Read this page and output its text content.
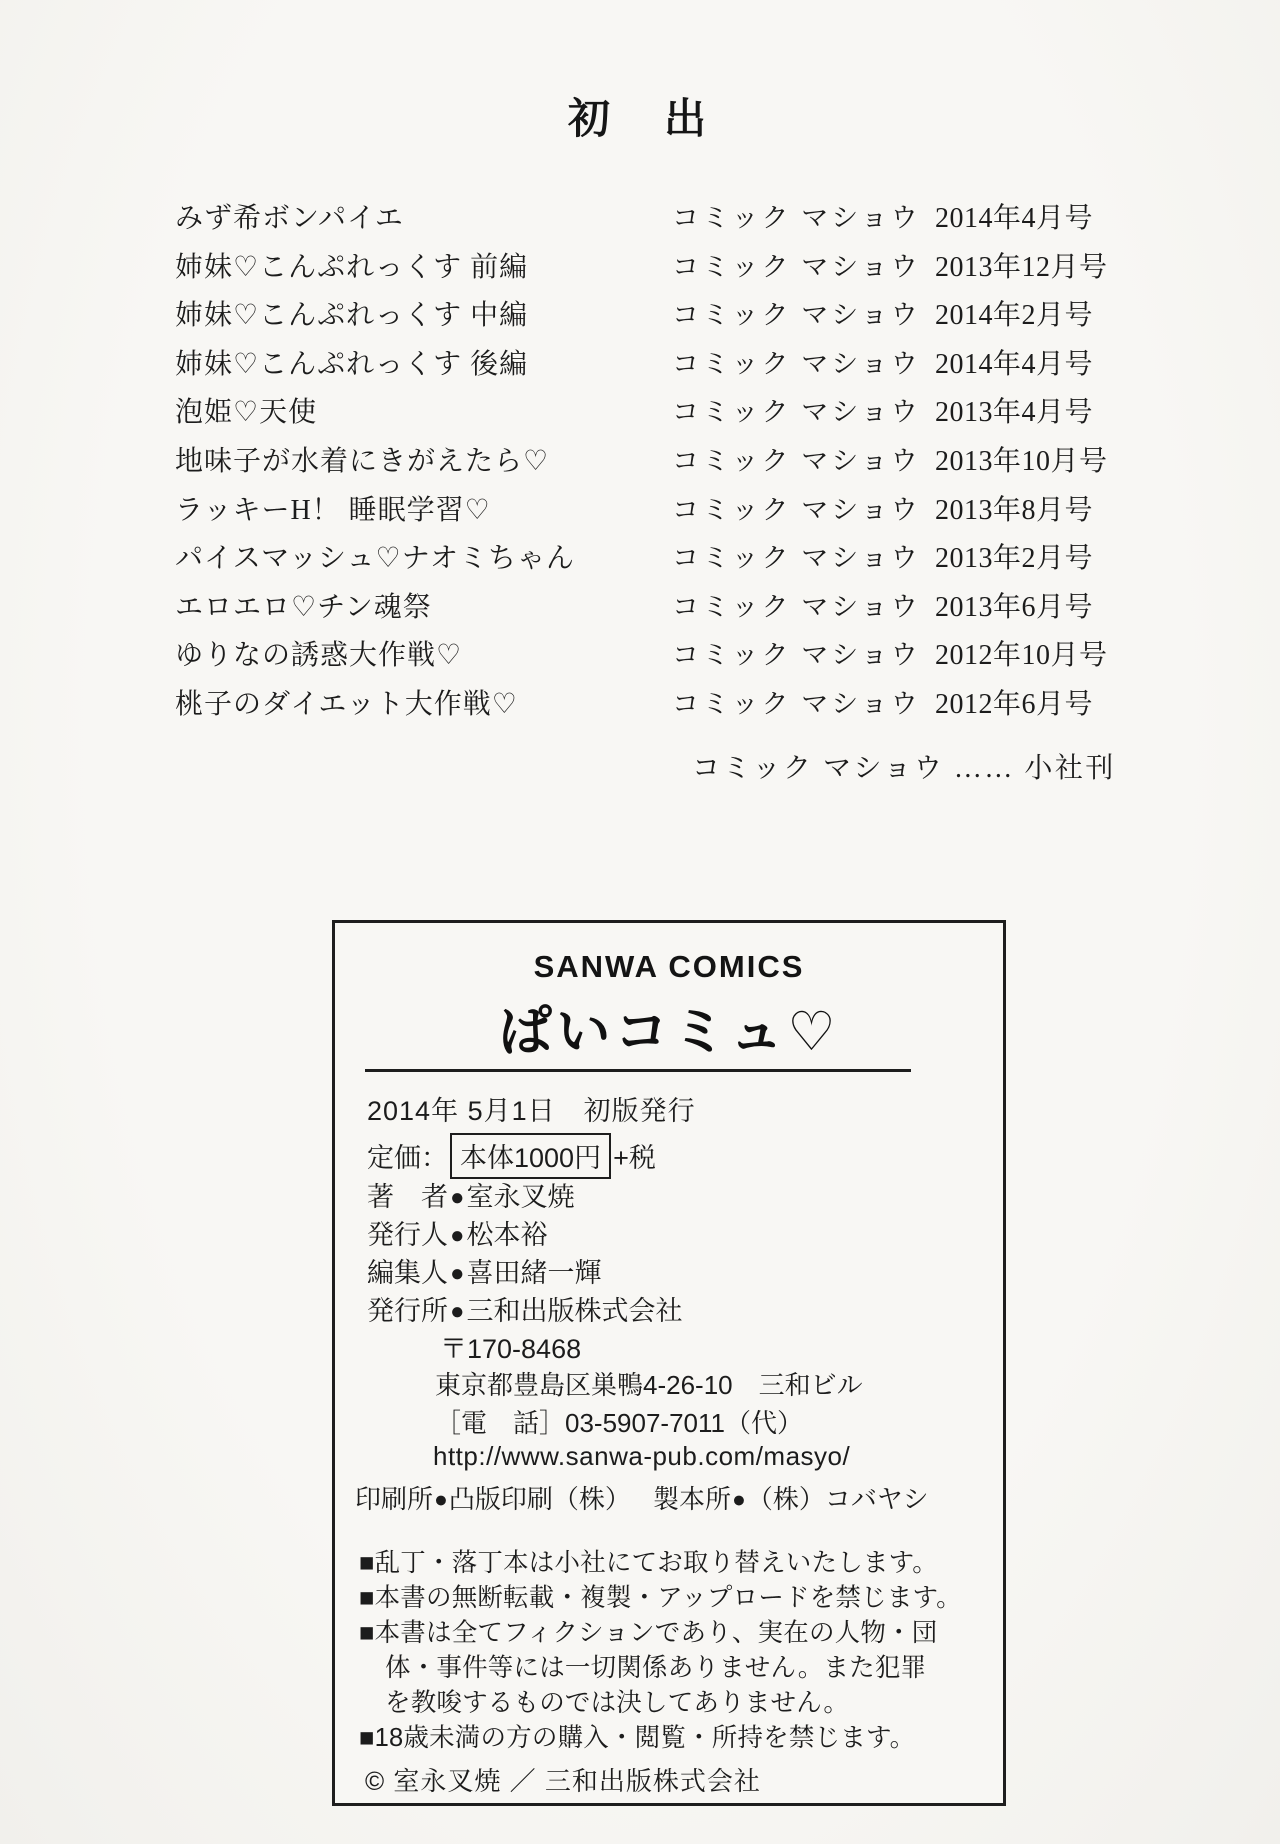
初　出
みず希ボンパイエ	コミック マショウ 2014年4月号
姉妹♡こんぷれっくす 前編	コミック マショウ 2013年12月号
姉妹♡こんぷれっくす 中編	コミック マショウ 2014年2月号
姉妹♡こんぷれっくす 後編	コミック マショウ 2014年4月号
泡姫♡天使	コミック マショウ 2013年4月号
地味子が水着にきがえたら♡	コミック マショウ 2013年10月号
ラッキーH！ 睡眠学習♡	コミック マショウ 2013年8月号
パイスマッシュ♡ナオミちゃん	コミック マショウ 2013年2月号
エロエロ♡チン魂祭	コミック マショウ 2013年6月号
ゆりなの誘惑大作戦♡	コミック マショウ 2012年10月号
桃子のダイエット大作戦♡	コミック マショウ 2012年6月号
コミック マショウ …… 小社刊
SANWA COMICS
ぱいコミュ♡
2014年 5月1日　初版発行
定価： 本体1000円 +税
著　者●室永叉焼
発行人●松本裕
編集人●喜田緒一輝
発行所●三和出版株式会社
〒170-8468
東京都豊島区巣鴨4-26-10　三和ビル
［電　話］03-5907-7011（代）
http://www.sanwa-pub.com/masyo/
印刷所●凸版印刷（株） 製本所●（株）コバヤシ
■乱丁・落丁本は小社にてお取り替えいたします。
■本書の無断転載・複製・アップロードを禁じます。
■本書は全てフィクションであり、実在の人物・団
体・事件等には一切関係ありません。また犯罪
を教唆するものでは決してありません。
■18歳未満の方の購入・閲覧・所持を禁じます。
© 室永叉焼 ／ 三和出版株式会社
